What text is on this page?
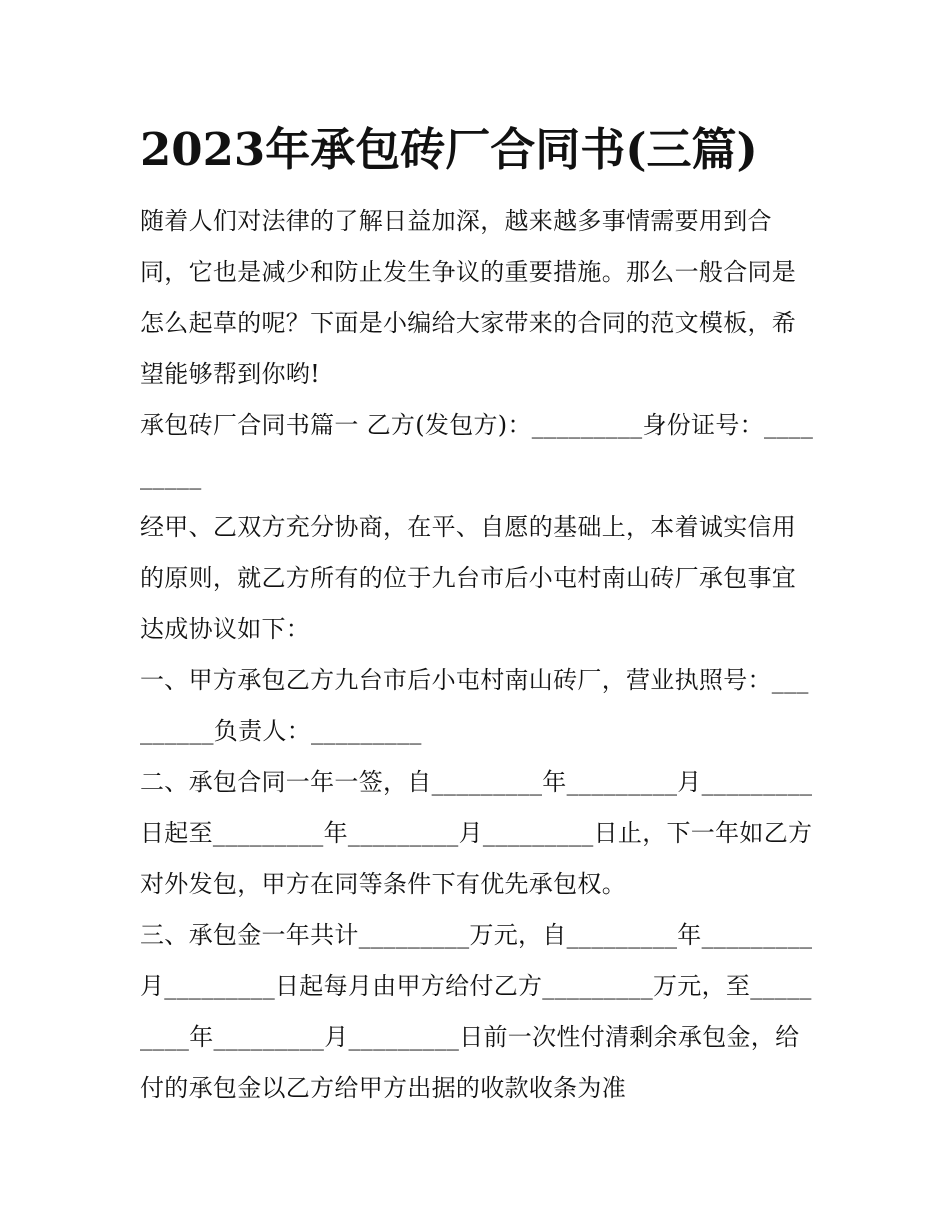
2023年承包砖厂合同书(三篇)

随着人们对法律的了解日益加深，越来越多事情需要用到合同，它也是减少和防止发生争议的重要措施。那么一般合同是怎么起草的呢？下面是小编给大家带来的合同的范文模板，希望能够帮到你哟!

承包砖厂合同书篇一 乙方(发包方)：_________身份证号：_________

经甲、乙双方充分协商，在平、自愿的基础上，本着诚实信用的原则，就乙方所有的位于九台市后小屯村南山砖厂承包事宜达成协议如下：

一、甲方承包乙方九台市后小屯村南山砖厂，营业执照号：_________负责人：_________

二、承包合同一年一签，自_________年_________月_________日起至_________年_________月_________日止，下一年如乙方对外发包，甲方在同等条件下有优先承包权。

三、承包金一年共计_________万元，自_________年_________月_________日起每月由甲方给付乙方_________万元，至_________年_________月_________日前一次性付清剩余承包金，给付的承包金以乙方给甲方出据的收款收条为准
